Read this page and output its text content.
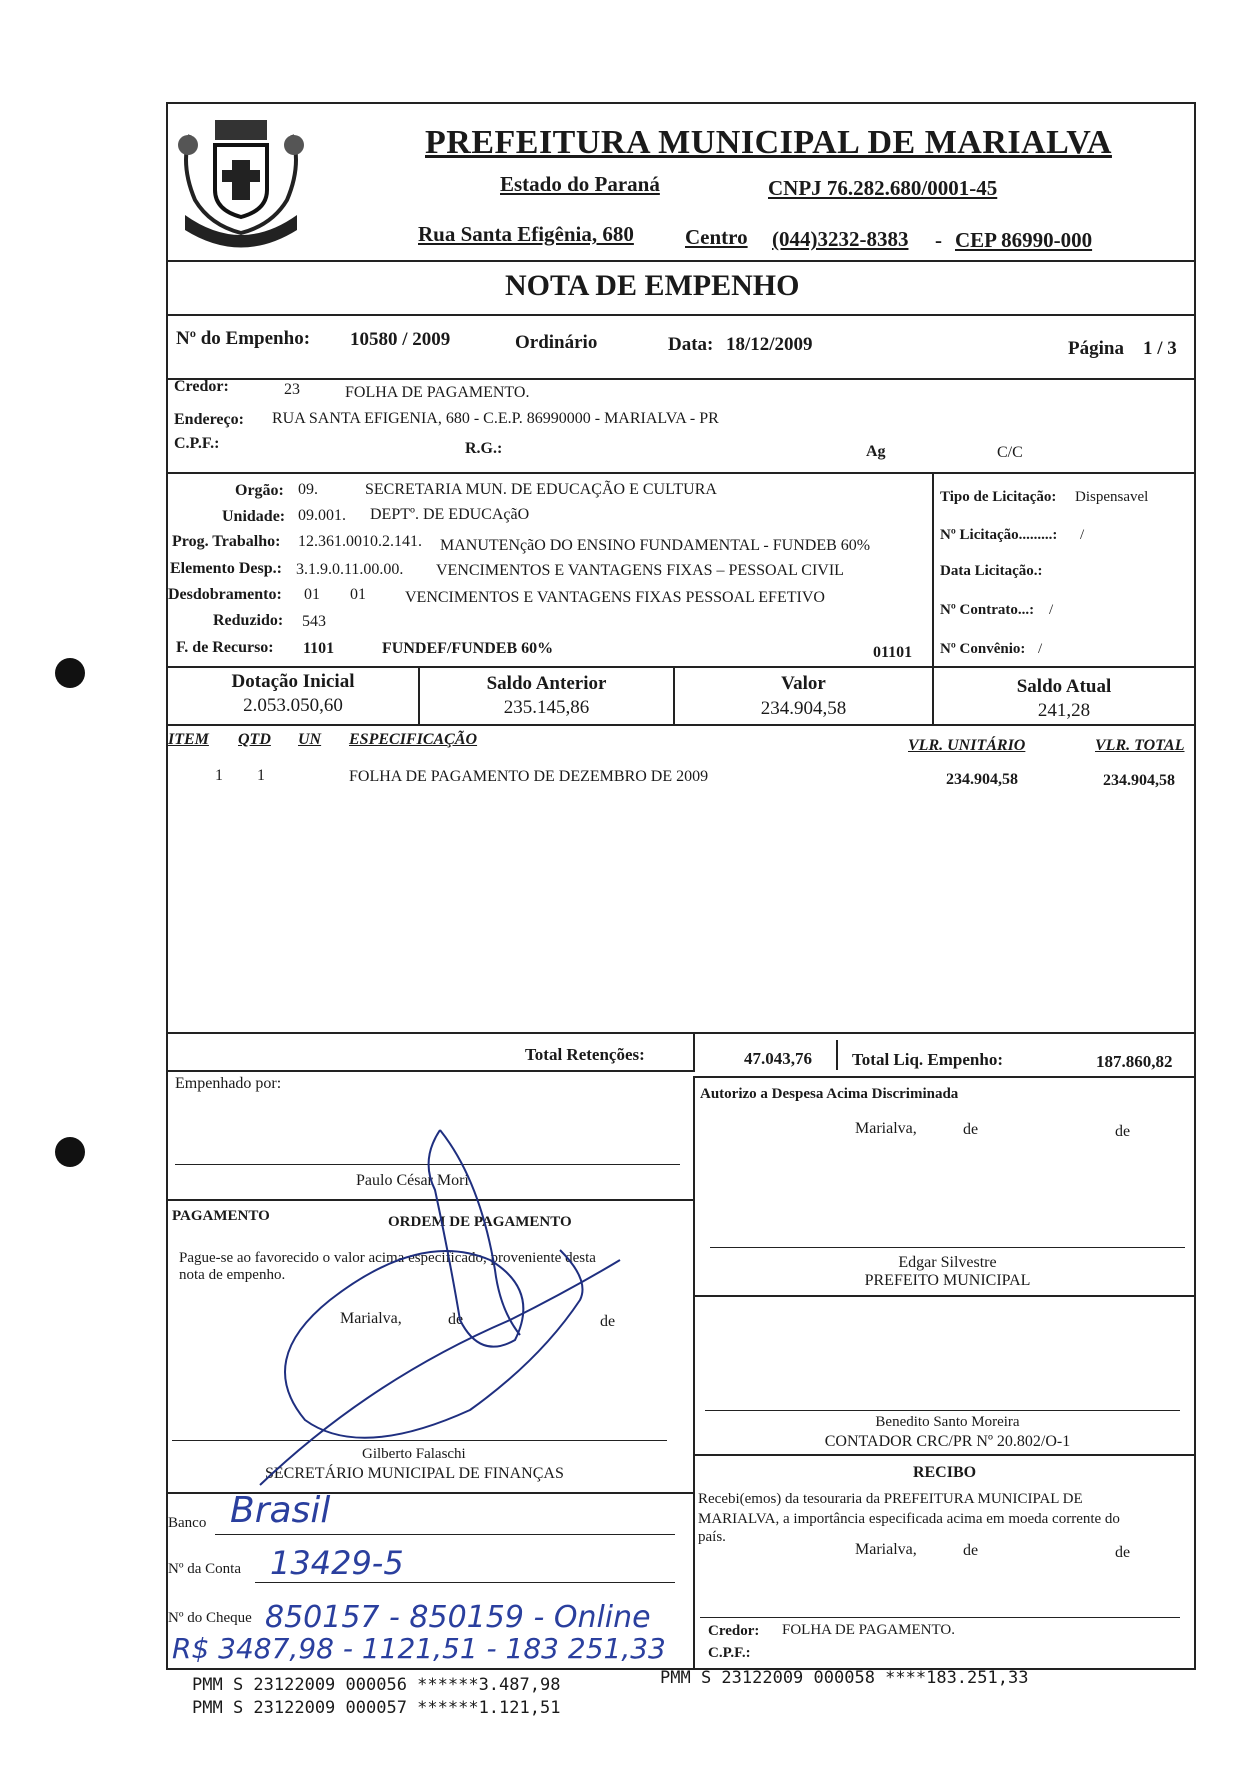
PREFEITURA MUNICIPAL DE MARIALVA
Estado do Paraná	CNPJ 76.282.680/0001-45
Rua Santa Efigênia, 680 Centro (044)3232-8383 - CEP 86990-000
NOTA DE EMPENHO
Nº do Empenho: 10580 / 2009	Ordinário	Data: 18/12/2009	Página 1 / 3
Credor:	23	FOLHA DE PAGAMENTO.
Endereço: RUA SANTA EFIGENIA, 680 - C.E.P. 86990000 - MARIALVA - PR
C.P.F.:	R.G.:	Ag	C/C
Orgão: 09.	SECRETARIA MUN. DE EDUCAÇÃO E CULTURA
Unidade: 09.001. DEPTº. DE EDUCAçãO
Prog. Trabalho: 12.361.0010.2.141. MANUTENçãO DO ENSINO FUNDAMENTAL - FUNDEB 60%
Elemento Desp.: 3.1.9.0.11.00.00. VENCIMENTOS E VANTAGENS FIXAS – PESSOAL CIVIL
Desdobramento: 01 01 VENCIMENTOS E VANTAGENS FIXAS PESSOAL EFETIVO
Reduzido: 543
F. de Recurso: 1101	FUNDEF/FUNDEB 60%	01101
Tipo de Licitação: Dispensavel
Nº Licitação.........: /
Data Licitação.:
Nº Contrato...: /
Nº Convênio: /
Dotação Inicial
2.053.050,60
Saldo Anterior
235.145,86
Valor
234.904,58
Saldo Atual
241,28
ITEM QTD UN ESPECIFICAÇÃO	VLR. UNITÁRIO	VLR. TOTAL
1 1	FOLHA DE PAGAMENTO DE DEZEMBRO DE 2009	234.904,58	234.904,58
Total Retenções:	47.043,76 Total Liq. Empenho:	187.860,82
Empenhado por:
Paulo César Mori
Autorizo a Despesa Acima Discriminada
Marialva,	de	de
Edgar Silvestre
PREFEITO MUNICIPAL
PAGAMENTO	ORDEM DE PAGAMENTO
Pague-se ao favorecido o valor acima especificado, proveniente desta
nota de empenho.
Marialva,	de	de
Gilberto Falaschi
SECRETÁRIO MUNICIPAL DE FINANÇAS
Benedito Santo Moreira
CONTADOR CRC/PR Nº 20.802/O-1
RECIBO
Recebi(emos) da tesouraria da PREFEITURA MUNICIPAL DE
MARIALVA, a importância especificada acima em moeda corrente do
país.
Marialva,	de	de
Credor: FOLHA DE PAGAMENTO.
C.P.F.:
Banco Brasil
Nº da Conta 13429-5
Nº do Cheque 850157 - 850159 - Online
R$ 3487,98 - 1121,51 - 183 251,33
PMM S 23122009 000056 ******3.487,98
PMM S 23122009 000057 ******1.121,51
PMM S 23122009 000058 ****183.251,33
